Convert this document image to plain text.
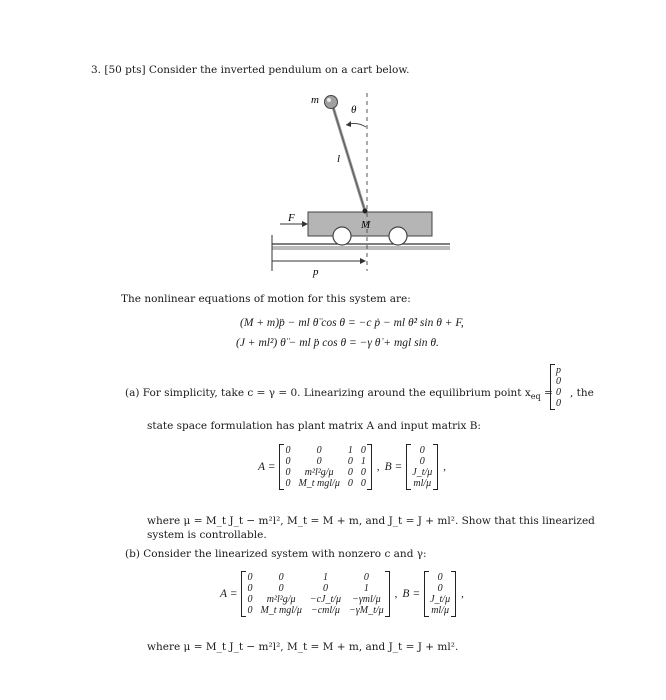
3. [50 pts] Consider the inverted pendulum on a cart below.
m
θ
l
F
M
p
The nonlinear equations of motion for this system are:
(M + m)p̈ − ml θ̈ cos θ = −c ṗ − ml θ̇² sin θ + F,
(J + ml²) θ̈ − ml p̈ cos θ = −γ θ̇ + mgl sin θ.
(a) For simplicity, take c = γ = 0. Linearizing around the equilibrium point $x_{eq}$ =
p
0
0
0
, the
state space formulation has plant matrix A and input matrix B:
A =
0	0	1	0
0	0	0	1
0	m²l²g/μ	0	0
0	M_t mgl/μ	0	0
, B =
0
0
J_t/μ
ml/μ
,
where μ = M_t J_t − m²l², M_t = M + m, and J_t = J + ml². Show that this linearized
system is controllable.
(b) Consider the linearized system with nonzero c and γ:
A =
0	0	1	0
0	0	0	1
0	m²l²g/μ	−cJ_t/μ	−γml/μ
0	M_t mgl/μ	−cml/μ	−γM_t/μ
, B =
0
0
J_t/μ
ml/μ
,
where μ = M_t J_t − m²l², M_t = M + m, and J_t = J + ml².
